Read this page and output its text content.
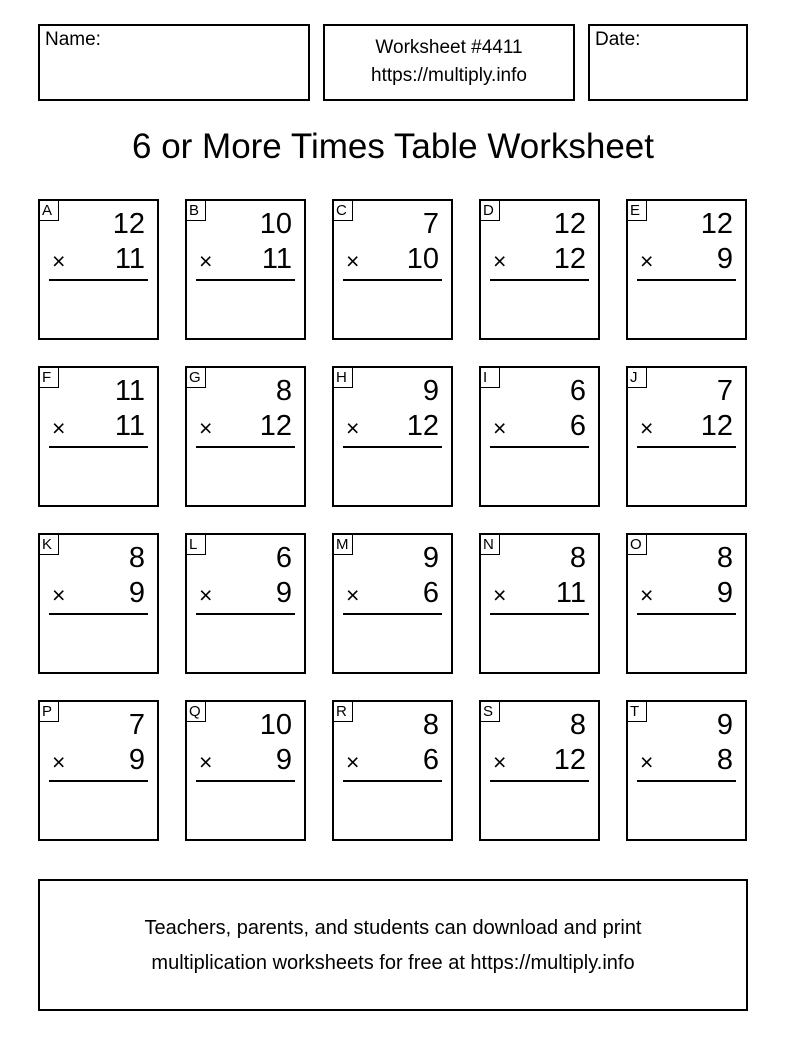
Name:	Worksheet #4411
https://multiply.info
Date:
6 or More Times Table Worksheet
A 12
× 11
B 10
× 11
C	7
× 10
D 12
× 12
E 12
× 9
F 11
× 11
G	8
× 12
H	9
× 12
I	6
× 6
J	7
× 12
K	8
× 9
L	6
× 9
M	9
× 6
N	8
× 11
O	8
× 9
P	7
× 9
Q 10
× 9
R	8
× 6
S	8
× 12
T	9
× 8
Teachers, parents, and students can download and print
multiplication worksheets for free at https://multiply.info
